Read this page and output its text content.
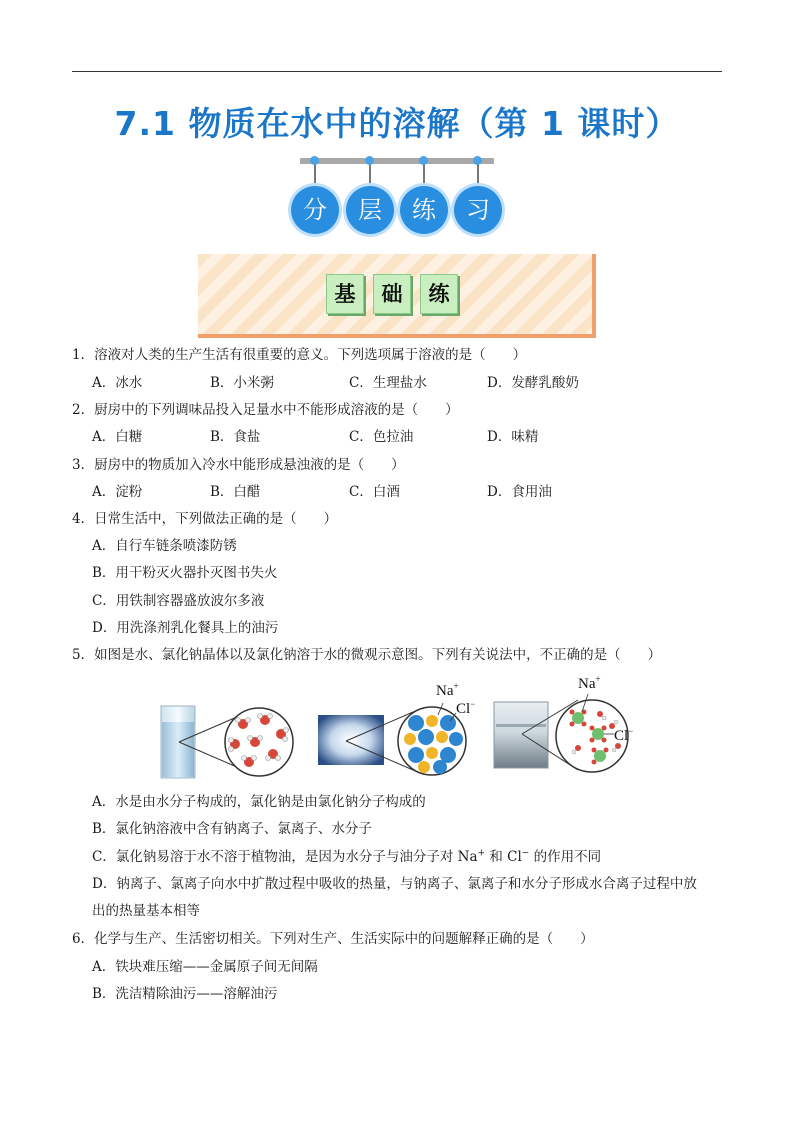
7.1 物质在水中的溶解（第 1 课时）
分	层	练	习
基	础	练
1．溶液对人类的生产生活有很重要的意义。下列选项属于溶液的是（　　）
A．冰水	B．小米粥	C．生理盐水	D．发酵乳酸奶
2．厨房中的下列调味品投入足量水中不能形成溶液的是（　　）
A．白糖	B．食盐	C．色拉油	D．味精
3．厨房中的物质加入冷水中能形成悬浊液的是（　　）
A．淀粉	B．白醋	C．白酒	D．食用油
4．日常生活中，下列做法正确的是（　　）
A．自行车链条喷漆防锈
B．用干粉灭火器扑灭图书失火
C．用铁制容器盛放波尔多液
D．用洗涤剂乳化餐具上的油污
5．如图是水、氯化钠晶体以及氯化钠溶于水的微观示意图。下列有关说法中，不正确的是（　　）
Na+
Cl−
Na+
Cl−
A．水是由水分子构成的，氯化钠是由氯化钠分子构成的
B．氯化钠溶液中含有钠离子、氯离子、水分子
C．氯化钠易溶于水不溶于植物油，是因为水分子与油分子对 Na+ 和 Cl− 的作用不同
D．钠离子、氯离子向水中扩散过程中吸收的热量，与钠离子、氯离子和水分子形成水合离子过程中放
出的热量基本相等
6．化学与生产、生活密切相关。下列对生产、生活实际中的问题解释正确的是（　　）
A．铁块难压缩——金属原子间无间隔
B．洗洁精除油污——溶解油污
